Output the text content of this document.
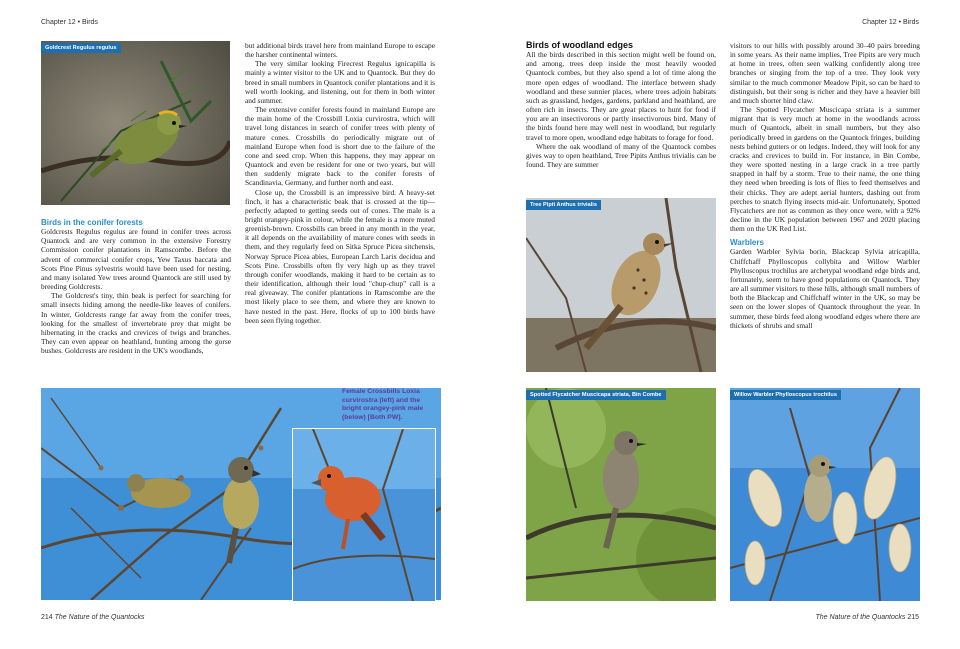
Chapter 12 • Birds	Chapter 12 • Birds
214 The Nature of the Quantocks	The Nature of the Quantocks 215
Goldcrest Regulus regulus

Birds in the conifer forests

Goldcrests Regulus regulus are found in conifer trees across Quantock and are very common in the extensive Forestry Commission conifer plantations in Ramscombe. Before the advent of commercial conifer crops, Yew Taxus baccata and Scots Pine Pinus sylvestris would have been used for nesting, and many isolated Yew trees around Quantock are still used by breeding Goldcrests.

The Goldcrest's tiny, thin beak is perfect for searching for small insects hiding among the needle-like leaves of conifers. In winter, Goldcrests range far away from the conifer trees, looking for the smallest of invertebrate prey that might be hibernating in the cracks and crevices of twigs and branches. They can even appear on heathland, hunting among the gorse bushes. Goldcrests are resident in the UK's woodlands,

but additional birds travel here from mainland Europe to escape the harsher continental winters.

The very similar looking Firecrest Regulus ignicapilla is mainly a winter visitor to the UK and to Quantock. But they do breed in small numbers in Quantock conifer plantations and it is well worth looking, and listening, out for them in both winter and summer.

The extensive conifer forests found in mainland Europe are the main home of the Crossbill Loxia curvirostra, which will travel long distances in search of conifer trees with plenty of mature cones. Crossbills do periodically migrate out of mainland Europe when food is short due to the failure of the cone and seed crop. When this happens, they may appear on Quantock and even be resident for one or two years, but will then suddenly migrate back to the conifer forests of Scandinavia, Germany, and further north and east.

Close up, the Crossbill is an impressive bird. A heavy-set finch, it has a characteristic beak that is crossed at the tip—perfectly adapted to getting seeds out of cones. The male is a bright orangey-pink in colour, while the female is a more muted greenish-brown. Crossbills can breed in any month in the year, it all depends on the availability of mature cones with seeds in them, and they regularly feed on Sitka Spruce Picea sitchensis, Norway Spruce Picea abies, European Larch Larix decidua and Scots Pine. Crossbills often fly very high up as they travel through conifer woodlands, making it hard to be certain as to their identification, although their loud "chup-chup" call is a real giveaway. The conifer plantations in Ramscombe are the most likely place to see them, and where they are known to have nested in the past. Here, flocks of up to 100 birds have been seen flying together.

Female Crossbills Loxia curvirostra (left) and the bright orangey-pink male (below) [Both PW].

Birds of woodland edges

All the birds described in this section might well be found on, and among, trees deep inside the most heavily wooded Quantock combes, but they also spend a lot of time along the more open edges of woodland. The interface between shady woodland and these sunnier places, where trees adjoin habitats such as grassland, hedges, gardens, parkland and heathland, are often rich in insects. They are great places to hunt for food if you are an insectivorous or partly insectivorous bird. Many of the birds found here may well nest in woodland, but regularly travel to more open, woodland edge habitats to forage for food.

Where the oak woodland of many of the Quantock combes gives way to open heathland, Tree Pipits Anthus trivialis can be found. They are summer

Tree Pipit Anthus trivialis

visitors to our hills with possibly around 30–40 pairs breeding in some years. As their name implies, Tree Pipits are very much at home in trees, often seen walking confidently along tree branches or singing from the top of a tree. They look very similar to the much commoner Meadow Pipit, so can be hard to distinguish, but their song is richer and they have a heavier bill and much shorter hind claw.

The Spotted Flycatcher Muscicapa striata is a summer migrant that is very much at home in the woodlands across much of Quantock, albeit in small numbers, but they also periodically breed in gardens on the Quantock fringes, building nests behind gutters or on ledges. Indeed, they will look for any cracks and crevices to build in. For instance, in Bin Combe, they were spotted nesting in a large crack in a tree partly snapped in half by a storm. True to their name, the one thing they need when breeding is lots of flies to feed themselves and their chicks. They are adept aerial hunters, dashing out from perches to snatch flying insects mid-air. Unfortunately, Spotted Flycatchers are not as common as they once were, with a 92% decline in the UK population between 1967 and 2020 placing them on the UK Red List.

Warblers

Garden Warbler Sylvia borin, Blackcap Sylvia atricapilla, Chiffchaff Phylloscopus collybita and Willow Warbler Phylloscopus trochilus are archetypal woodland edge birds and, fortunately, seem to have good populations on Quantock. They are all summer visitors to these hills, although small numbers of both the Blackcap and Chiffchaff winter in the UK, so may be seen on the lower slopes of Quantock throughout the year. In summer, these birds feed along woodland edges where there are thickets of shrubs and small

Spotted Flycatcher Muscicapa striata, Bin Combe	Willow Warbler Phylloscopus trochilus
